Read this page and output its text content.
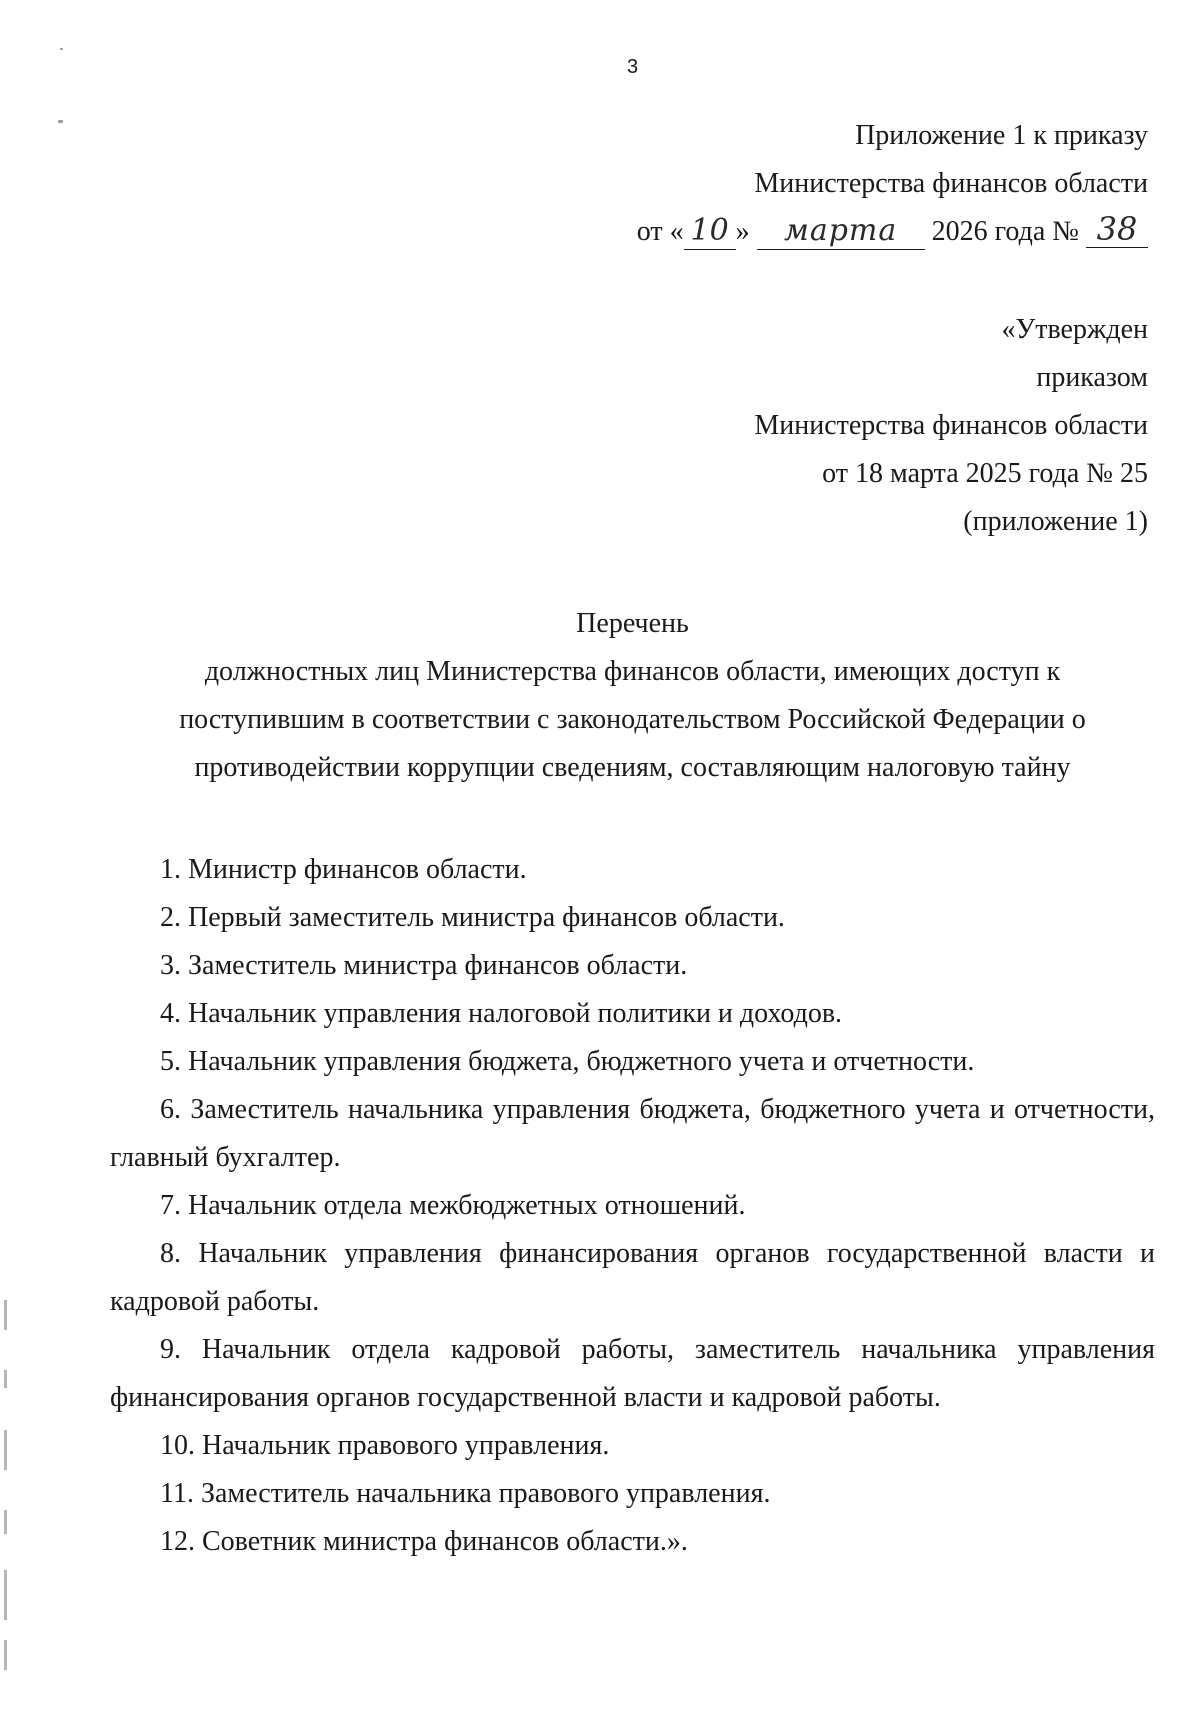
3
Приложение 1 к приказу
Министерства финансов области
от « 10 » марта 2026 года № 38
«Утвержден
приказом
Министерства финансов области
от 18 марта 2025 года № 25
(приложение 1)
Перечень
должностных лиц Министерства финансов области, имеющих доступ к
поступившим в соответствии с законодательством Российской Федерации о
противодействии коррупции сведениям, составляющим налоговую тайну

1. Министр финансов области.

2. Первый заместитель министра финансов области.

3. Заместитель министра финансов области.

4. Начальник управления налоговой политики и доходов.

5. Начальник управления бюджета, бюджетного учета и отчетности.

6. Заместитель начальника управления бюджета, бюджетного учета и отчетности, главный бухгалтер.

7. Начальник отдела межбюджетных отношений.

8. Начальник управления финансирования органов государственной власти и кадровой работы.

9. Начальник отдела кадровой работы, заместитель начальника управления финансирования органов государственной власти и кадровой работы.

10. Начальник правового управления.

11. Заместитель начальника правового управления.

12. Советник министра финансов области.».
